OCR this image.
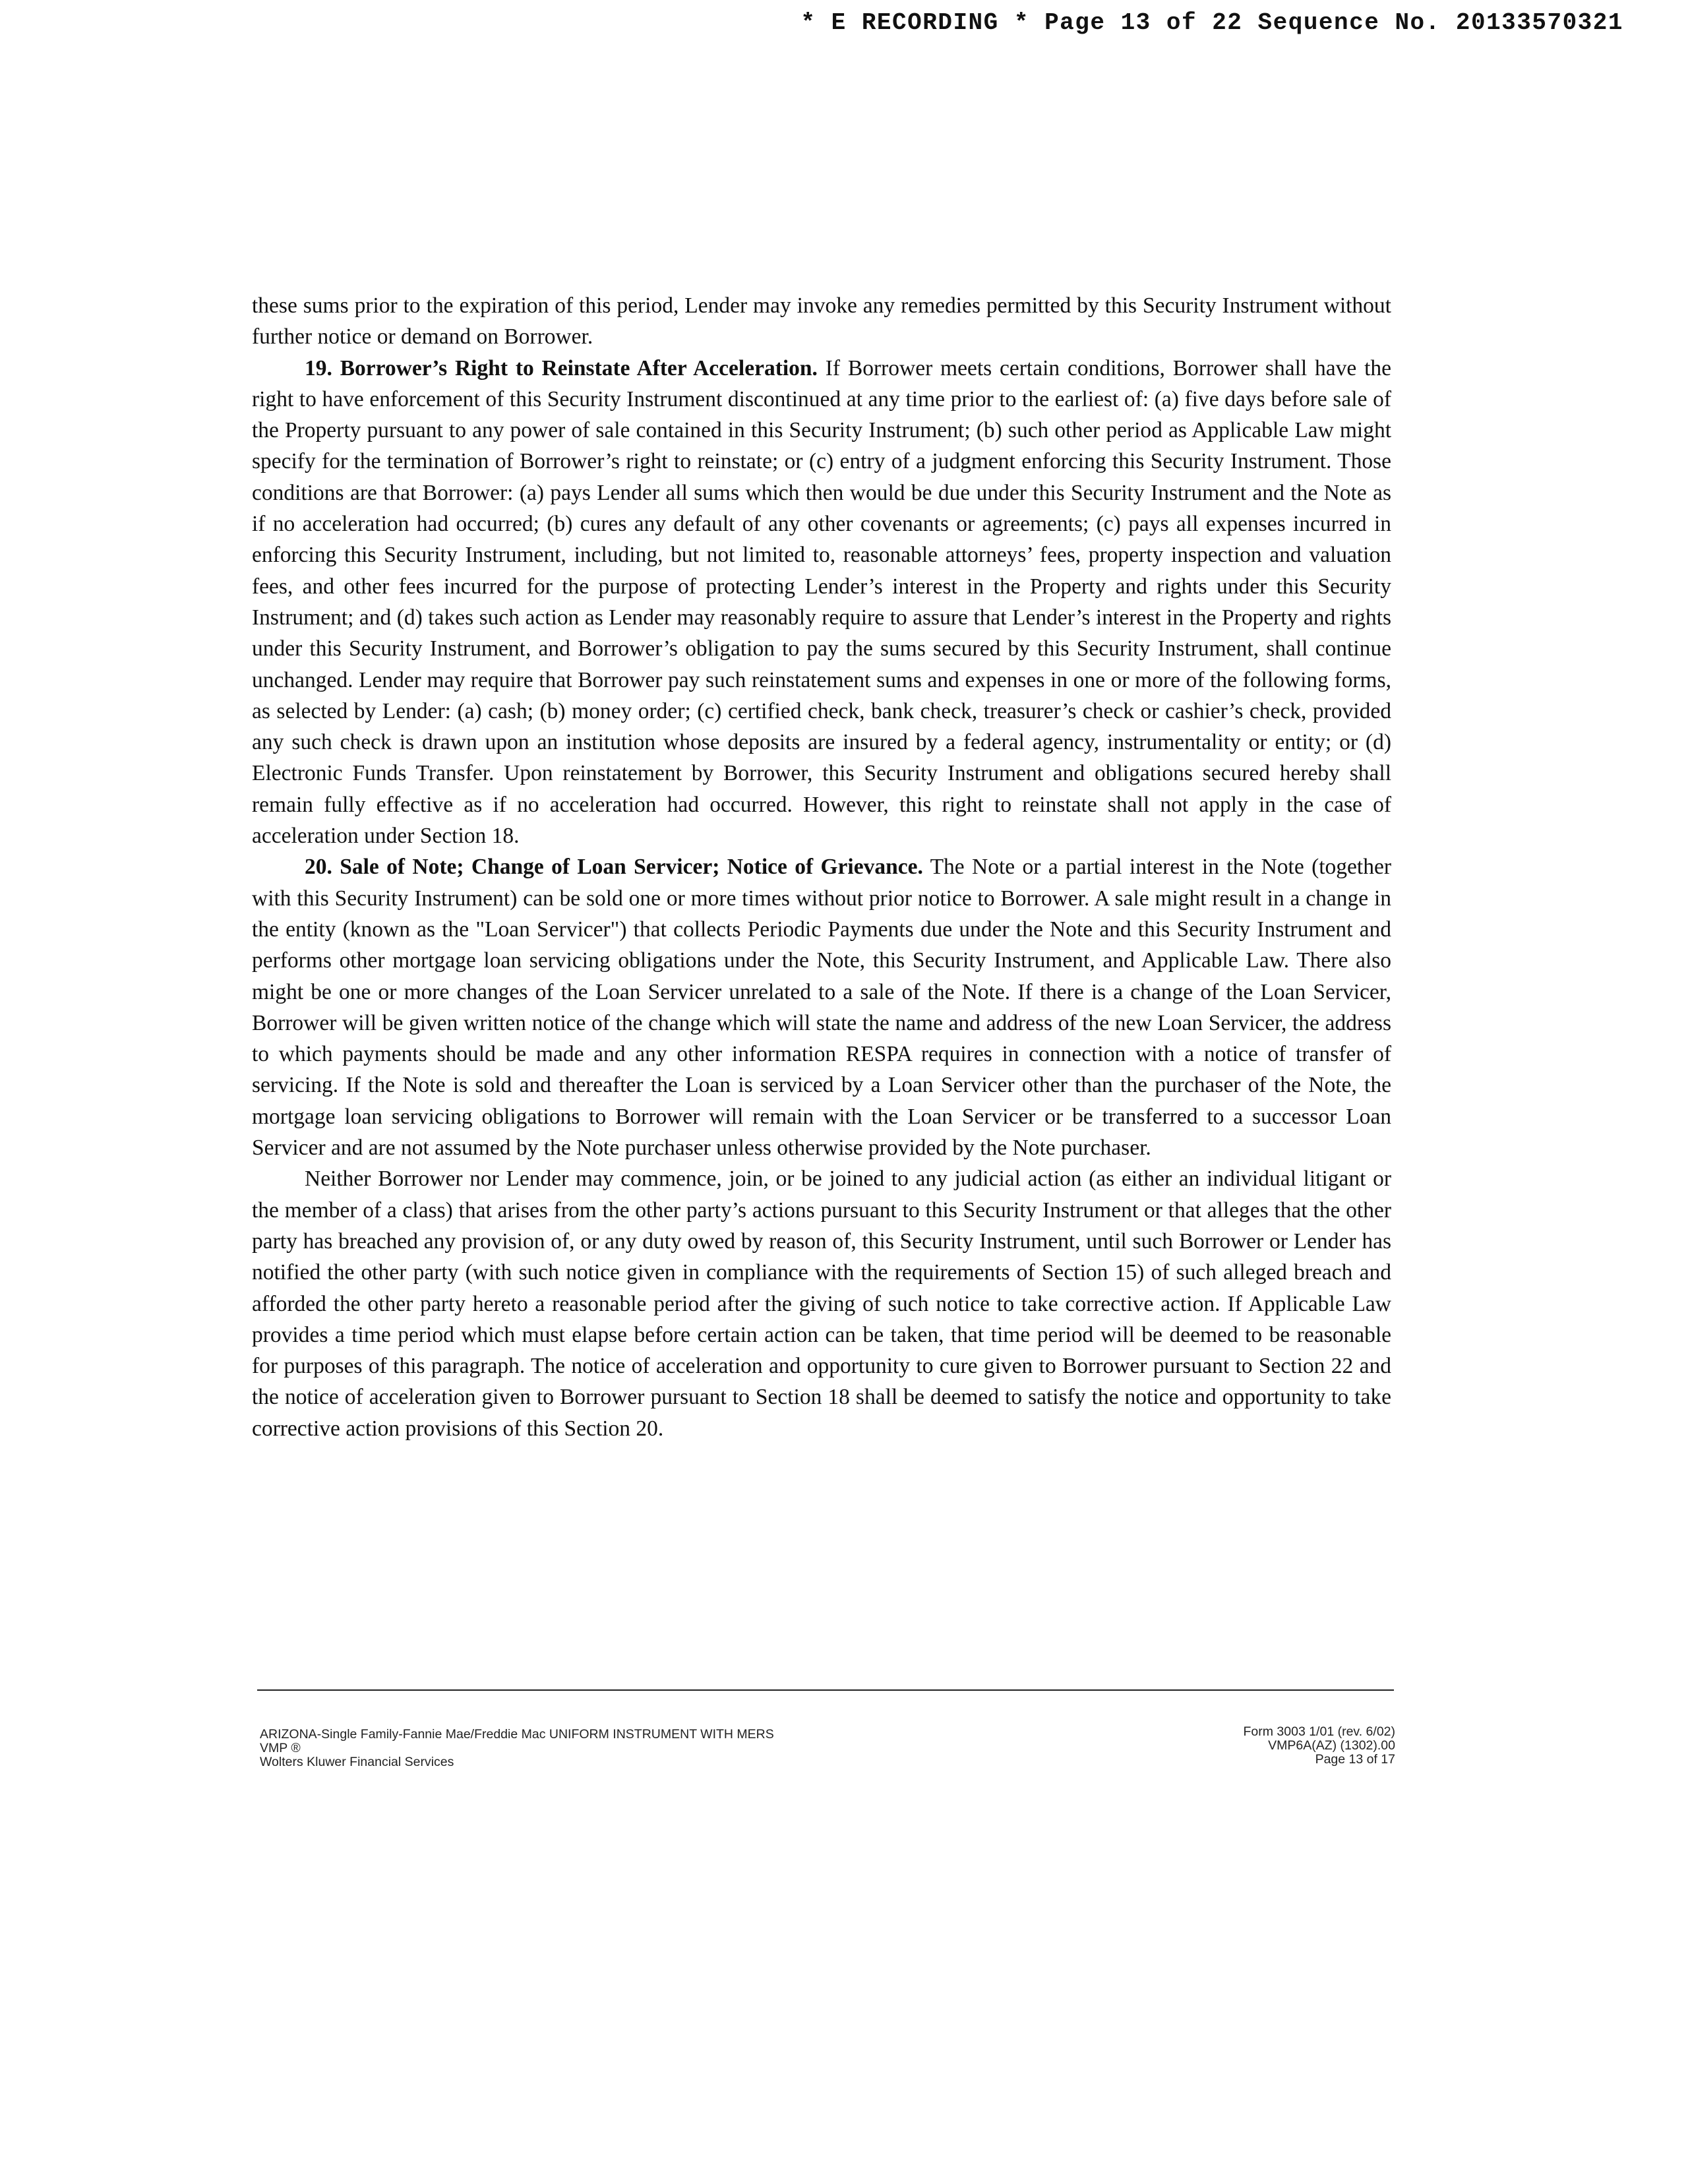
* E RECORDING * Page 13 of 22 Sequence No. 20133570321

these sums prior to the expiration of this period, Lender may invoke any remedies permitted by this Security Instrument without further notice or demand on Borrower.

19. Borrower’s Right to Reinstate After Acceleration. If Borrower meets certain conditions, Borrower shall have the right to have enforcement of this Security Instrument discontinued at any time prior to the earliest of: (a) five days before sale of the Property pursuant to any power of sale contained in this Security Instrument; (b) such other period as Applicable Law might specify for the termination of Borrower’s right to reinstate; or (c) entry of a judgment enforcing this Security Instrument. Those conditions are that Borrower: (a) pays Lender all sums which then would be due under this Security Instrument and the Note as if no acceleration had occurred; (b) cures any default of any other covenants or agreements; (c) pays all expenses incurred in enforcing this Security Instrument, including, but not limited to, reasonable attorneys’ fees, property inspection and valuation fees, and other fees incurred for the purpose of protecting Lender’s interest in the Property and rights under this Security Instrument; and (d) takes such action as Lender may reasonably require to assure that Lender’s interest in the Property and rights under this Security Instrument, and Borrower’s obligation to pay the sums secured by this Security Instrument, shall continue unchanged. Lender may require that Borrower pay such reinstatement sums and expenses in one or more of the following forms, as selected by Lender: (a) cash; (b) money order; (c) certified check, bank check, treasurer’s check or cashier’s check, provided any such check is drawn upon an institution whose deposits are insured by a federal agency, instrumentality or entity; or (d) Electronic Funds Transfer. Upon reinstatement by Borrower, this Security Instrument and obligations secured hereby shall remain fully effective as if no acceleration had occurred. However, this right to reinstate shall not apply in the case of acceleration under Section 18.

20. Sale of Note; Change of Loan Servicer; Notice of Grievance. The Note or a partial interest in the Note (together with this Security Instrument) can be sold one or more times without prior notice to Borrower. A sale might result in a change in the entity (known as the "Loan Servicer") that collects Periodic Payments due under the Note and this Security Instrument and performs other mortgage loan servicing obligations under the Note, this Security Instrument, and Applicable Law. There also might be one or more changes of the Loan Servicer unrelated to a sale of the Note. If there is a change of the Loan Servicer, Borrower will be given written notice of the change which will state the name and address of the new Loan Servicer, the address to which payments should be made and any other information RESPA requires in connection with a notice of transfer of servicing. If the Note is sold and thereafter the Loan is serviced by a Loan Servicer other than the purchaser of the Note, the mortgage loan servicing obligations to Borrower will remain with the Loan Servicer or be transferred to a successor Loan Servicer and are not assumed by the Note purchaser unless otherwise provided by the Note purchaser.

Neither Borrower nor Lender may commence, join, or be joined to any judicial action (as either an individual litigant or the member of a class) that arises from the other party’s actions pursuant to this Security Instrument or that alleges that the other party has breached any provision of, or any duty owed by reason of, this Security Instrument, until such Borrower or Lender has notified the other party (with such notice given in compliance with the requirements of Section 15) of such alleged breach and afforded the other party hereto a reasonable period after the giving of such notice to take corrective action. If Applicable Law provides a time period which must elapse before certain action can be taken, that time period will be deemed to be reasonable for purposes of this paragraph. The notice of acceleration and opportunity to cure given to Borrower pursuant to Section 22 and the notice of acceleration given to Borrower pursuant to Section 18 shall be deemed to satisfy the notice and opportunity to take corrective action provisions of this Section 20.

ARIZONA-Single Family-Fannie Mae/Freddie Mac UNIFORM INSTRUMENT WITH MERS
VMP ®
Wolters Kluwer Financial Services
Form 3003 1/01 (rev. 6/02)
VMP6A(AZ) (1302).00
Page 13 of 17
